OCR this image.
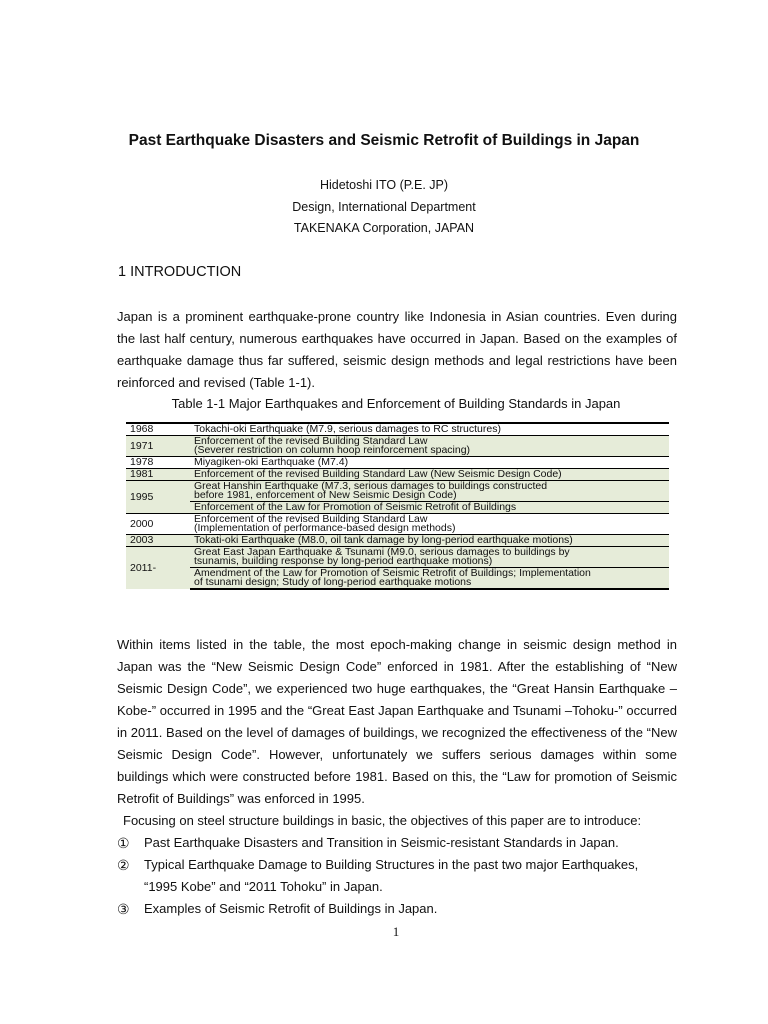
Past Earthquake Disasters and Seismic Retrofit of Buildings in Japan
Hidetoshi ITO (P.E. JP)
Design, International Department
TAKENAKA Corporation, JAPAN
1 INTRODUCTION

Japan is a prominent earthquake-prone country like Indonesia in Asian countries. Even during the last half century, numerous earthquakes have occurred in Japan. Based on the examples of earthquake damage thus far suffered, seismic design methods and legal restrictions have been reinforced and revised (Table 1-1).

Table 1-1 Major Earthquakes and Enforcement of Building Standards in Japan
1968	Tokachi-oki Earthquake (M7.9, serious damages to RC structures)
1971	Enforcement of the revised Building Standard Law
(Severer restriction on column hoop reinforcement spacing)
1978	Miyagiken-oki Earthquake (M7.4)
1981	Enforcement of the revised Building Standard Law (New Seismic Design Code)
1995	Great Hanshin Earthquake (M7.3, serious damages to buildings constructed
before 1981, enforcement of New Seismic Design Code)
	Enforcement of the Law for Promotion of Seismic Retrofit of Buildings
2000	Enforcement of the revised Building Standard Law
(Implementation of performance-based design methods)
2003	Tokati-oki Earthquake (M8.0, oil tank damage by long-period earthquake motions)
2011-	Great East Japan Earthquake & Tsunami (M9.0, serious damages to buildings by
tsunamis, building response by long-period earthquake motions)
	Amendment of the Law for Promotion of Seismic Retrofit of Buildings; Implementation
of tsunami design; Study of long-period earthquake motions

Within items listed in the table, the most epoch-making change in seismic design method in Japan was the “New Seismic Design Code” enforced in 1981. After the establishing of “New Seismic Design Code”, we experienced two huge earthquakes, the “Great Hansin Earthquake –Kobe-” occurred in 1995 and the “Great East Japan Earthquake and Tsunami –Tohoku-” occurred in 2011. Based on the level of damages of buildings, we recognized the effectiveness of the “New Seismic Design Code”. However, unfortunately we suffers serious damages within some buildings which were constructed before 1981. Based on this, the “Law for promotion of Seismic Retrofit of Buildings” was enforced in 1995.

Focusing on steel structure buildings in basic, the objectives of this paper are to introduce:

①	Past Earthquake Disasters and Transition in Seismic-resistant Standards in Japan.
②	Typical Earthquake Damage to Building Structures in the past two major Earthquakes,
“1995 Kobe” and “2011 Tohoku” in Japan.
③	Examples of Seismic Retrofit of Buildings in Japan.
1
